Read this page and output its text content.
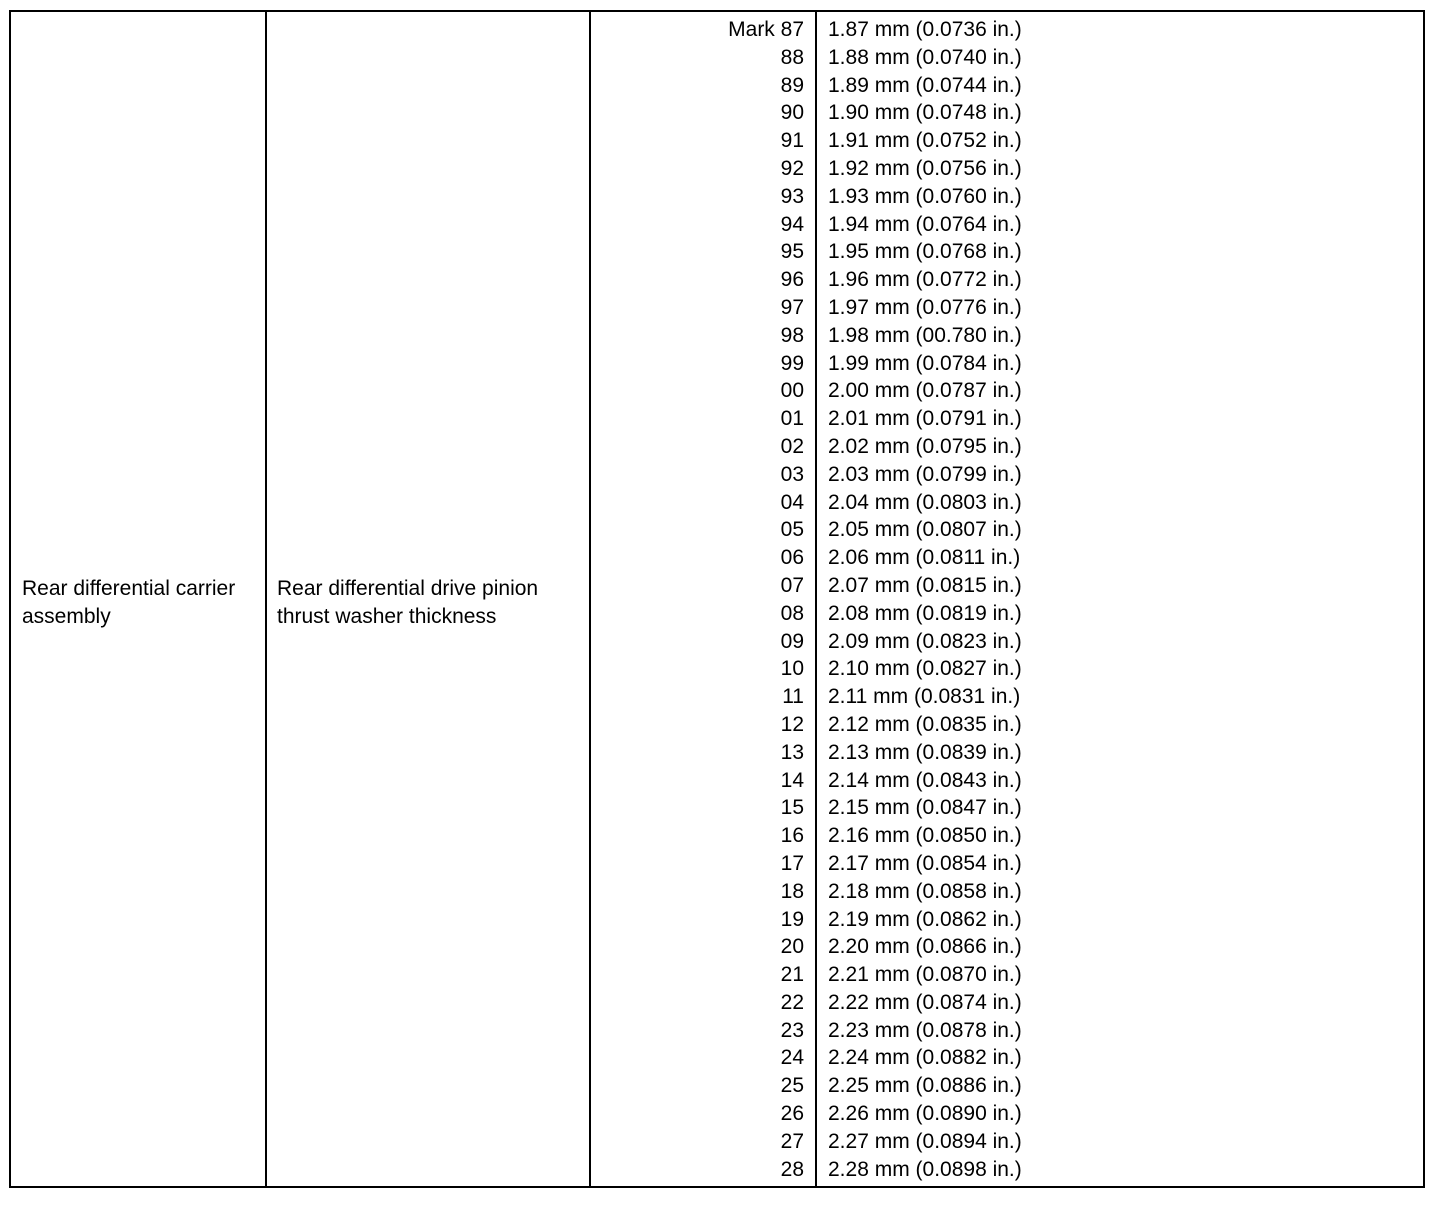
Rear differential carrier
assembly
Rear differential drive pinion
thrust washer thickness
Mark 87
88
89
90
91
92
93
94
95
96
97
98
99
00
01
02
03
04
05
06
07
08
09
10
11
12
13
14
15
16
17
18
19
20
21
22
23
24
25
26
27
28
1.87 mm (0.0736 in.)
1.88 mm (0.0740 in.)
1.89 mm (0.0744 in.)
1.90 mm (0.0748 in.)
1.91 mm (0.0752 in.)
1.92 mm (0.0756 in.)
1.93 mm (0.0760 in.)
1.94 mm (0.0764 in.)
1.95 mm (0.0768 in.)
1.96 mm (0.0772 in.)
1.97 mm (0.0776 in.)
1.98 mm (00.780 in.)
1.99 mm (0.0784 in.)
2.00 mm (0.0787 in.)
2.01 mm (0.0791 in.)
2.02 mm (0.0795 in.)
2.03 mm (0.0799 in.)
2.04 mm (0.0803 in.)
2.05 mm (0.0807 in.)
2.06 mm (0.0811 in.)
2.07 mm (0.0815 in.)
2.08 mm (0.0819 in.)
2.09 mm (0.0823 in.)
2.10 mm (0.0827 in.)
2.11 mm (0.0831 in.)
2.12 mm (0.0835 in.)
2.13 mm (0.0839 in.)
2.14 mm (0.0843 in.)
2.15 mm (0.0847 in.)
2.16 mm (0.0850 in.)
2.17 mm (0.0854 in.)
2.18 mm (0.0858 in.)
2.19 mm (0.0862 in.)
2.20 mm (0.0866 in.)
2.21 mm (0.0870 in.)
2.22 mm (0.0874 in.)
2.23 mm (0.0878 in.)
2.24 mm (0.0882 in.)
2.25 mm (0.0886 in.)
2.26 mm (0.0890 in.)
2.27 mm (0.0894 in.)
2.28 mm (0.0898 in.)
